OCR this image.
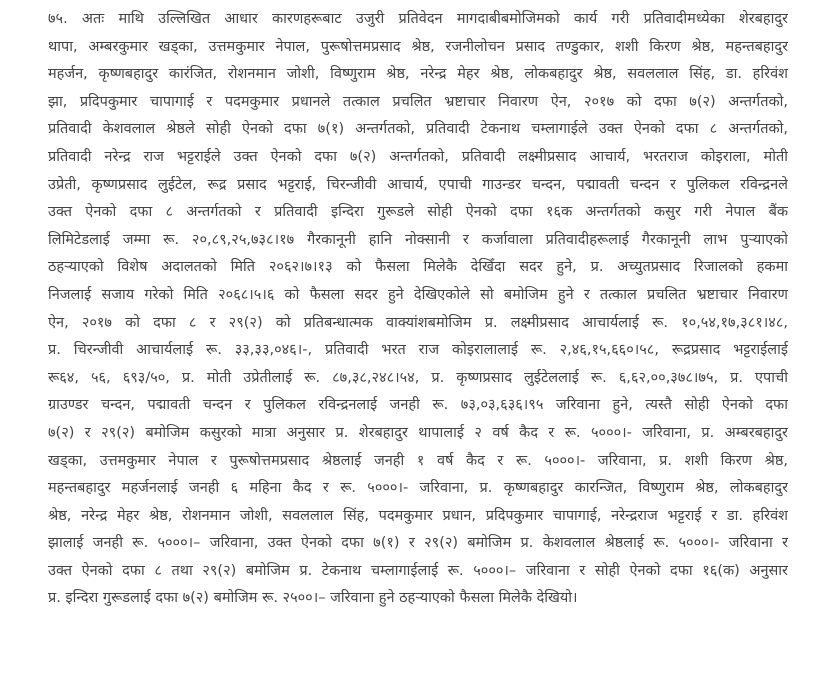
७५. अतः माथि उल्लिखित आधार कारणहरूबाट उजुरी प्रतिवेदन मागदाबीबमोजिमको कार्य गरी प्रतिवादीमध्येका शेरबहादुर
थापा, अम्बरकुमार खड्का, उत्तमकुमार नेपाल, पुरूषोत्तमप्रसाद श्रेष्ठ, रजनीलोचन प्रसाद तण्डुकार, शशी किरण श्रेष्ठ, महन्तबहादुर
महर्जन, कृष्णबहादुर कारंजित, रोशनमान जोशी, विष्णुराम श्रेष्ठ, नरेन्द्र मेहर श्रेष्ठ, लोकबहादुर श्रेष्ठ, सवललाल सिंह, डा. हरिवंश
झा, प्रदिपकुमार चापागाई र पदमकुमार प्रधानले तत्काल प्रचलित भ्रष्टाचार निवारण ऐन, २०१७ को दफा ७(२) अन्तर्गतको,
प्रतिवादी केशवलाल श्रेष्ठले सोही ऐनको दफा ७(१) अन्तर्गतको, प्रतिवादी टेकनाथ चम्लागाईले उक्त ऐनको दफा ८ अन्तर्गतको,
प्रतिवादी नरेन्द्र राज भट्टराईले उक्त ऐनको दफा ७(२) अन्तर्गतको, प्रतिवादी लक्ष्मीप्रसाद आचार्य, भरतराज कोइराला, मोती
उप्रेती, कृष्णप्रसाद लुईटेल, रूद्र प्रसाद भट्टराई, चिरन्जीवी आचार्य, एपाची गाउन्डर चन्दन, पद्मावती चन्दन र पुलिकल रविन्द्रनले
उक्त ऐनको दफा ८ अन्तर्गतको र प्रतिवादी इन्दिरा गुरूडले सोही ऐनको दफा १६क अन्तर्गतको कसुर गरी नेपाल बैंक
लिमिटेडलाई जम्मा रू. २०,८९,२५,७३८।१७ गैरकानूनी हानि नोक्सानी र कर्जावाला प्रतिवादीहरूलाई गैरकानूनी लाभ पुर्‍याएको
ठहर्‍याएको विशेष अदालतको मिति २०६२।७।१३ को फैसला मिलेकै देखिँदा सदर हुने, प्र. अच्युतप्रसाद रिजालको हकमा
निजलाई सजाय गरेको मिति २०६८।५।६ को फैसला सदर हुने देखिएकोले सो बमोजिम हुने र तत्काल प्रचलित भ्रष्टाचार निवारण
ऐन, २०१७ को दफा ८ र २९(२) को प्रतिबन्धात्मक वाक्यांशबमोजिम प्र. लक्ष्मीप्रसाद आचार्यलाई रू. १०,५४,१७,३८१।४८,
प्र. चिरन्जीवी आचार्यलाई रू. ३३,३३,०४६।-, प्रतिवादी भरत राज कोइरालालाई रू. २,४६,१५,६६०।५८, रूद्रप्रसाद भट्टराईलाई
रू६४, ५६, ६९३/५०, प्र. मोती उप्रेतीलाई रू. ८७,३८,२४८।५४, प्र. कृष्णप्रसाद लुईटेललाई रू. ६,६२,००,३७८।७५, प्र. एपाची
ग्राउण्डर चन्दन, पद्मावती चन्दन र पुलिकल रविन्द्रनलाई जनही रू. ७३,०३,६३६।९५ जरिवाना हुने, त्यस्तै सोही ऐनको दफा
७(२) र २९(२) बमोजिम कसुरको मात्रा अनुसार प्र. शेरबहादुर थापालाई २ वर्ष कैद र रू. ५०००।- जरिवाना, प्र. अम्बरबहादुर
खड्का, उत्तमकुमार नेपाल र पुरूषोत्तमप्रसाद श्रेष्ठलाई जनही १ वर्ष कैद र रू. ५०००।- जरिवाना, प्र. शशी किरण श्रेष्ठ,
महन्तबहादुर महर्जनलाई जनही ६ महिना कैद र रू. ५०००।- जरिवाना, प्र. कृष्णबहादुर कारन्जित, विष्णुराम श्रेष्ठ, लोकबहादुर
श्रेष्ठ, नरेन्द्र मेहर श्रेष्ठ, रोशनमान जोशी, सवललाल सिंह, पदमकुमार प्रधान, प्रदिपकुमार चापागाई, नरेन्द्रराज भट्टराई र डा. हरिवंश
झालाई जनही रू. ५०००।– जरिवाना, उक्त ऐनको दफा ७(१) र २९(२) बमोजिम प्र. केशवलाल श्रेष्ठलाई रू. ५०००।- जरिवाना र
उक्त ऐनको दफा ८ तथा २९(२) बमोजिम प्र. टेकनाथ चम्लागाईलाई रू. ५०००।– जरिवाना र सोही ऐनको दफा १६(क) अनुसार
प्र. इन्दिरा गुरूडलाई दफा ७(२) बमोजिम रू. २५००।– जरिवाना हुने ठहर्‍याएको फैसला मिलेकै देखियो।
